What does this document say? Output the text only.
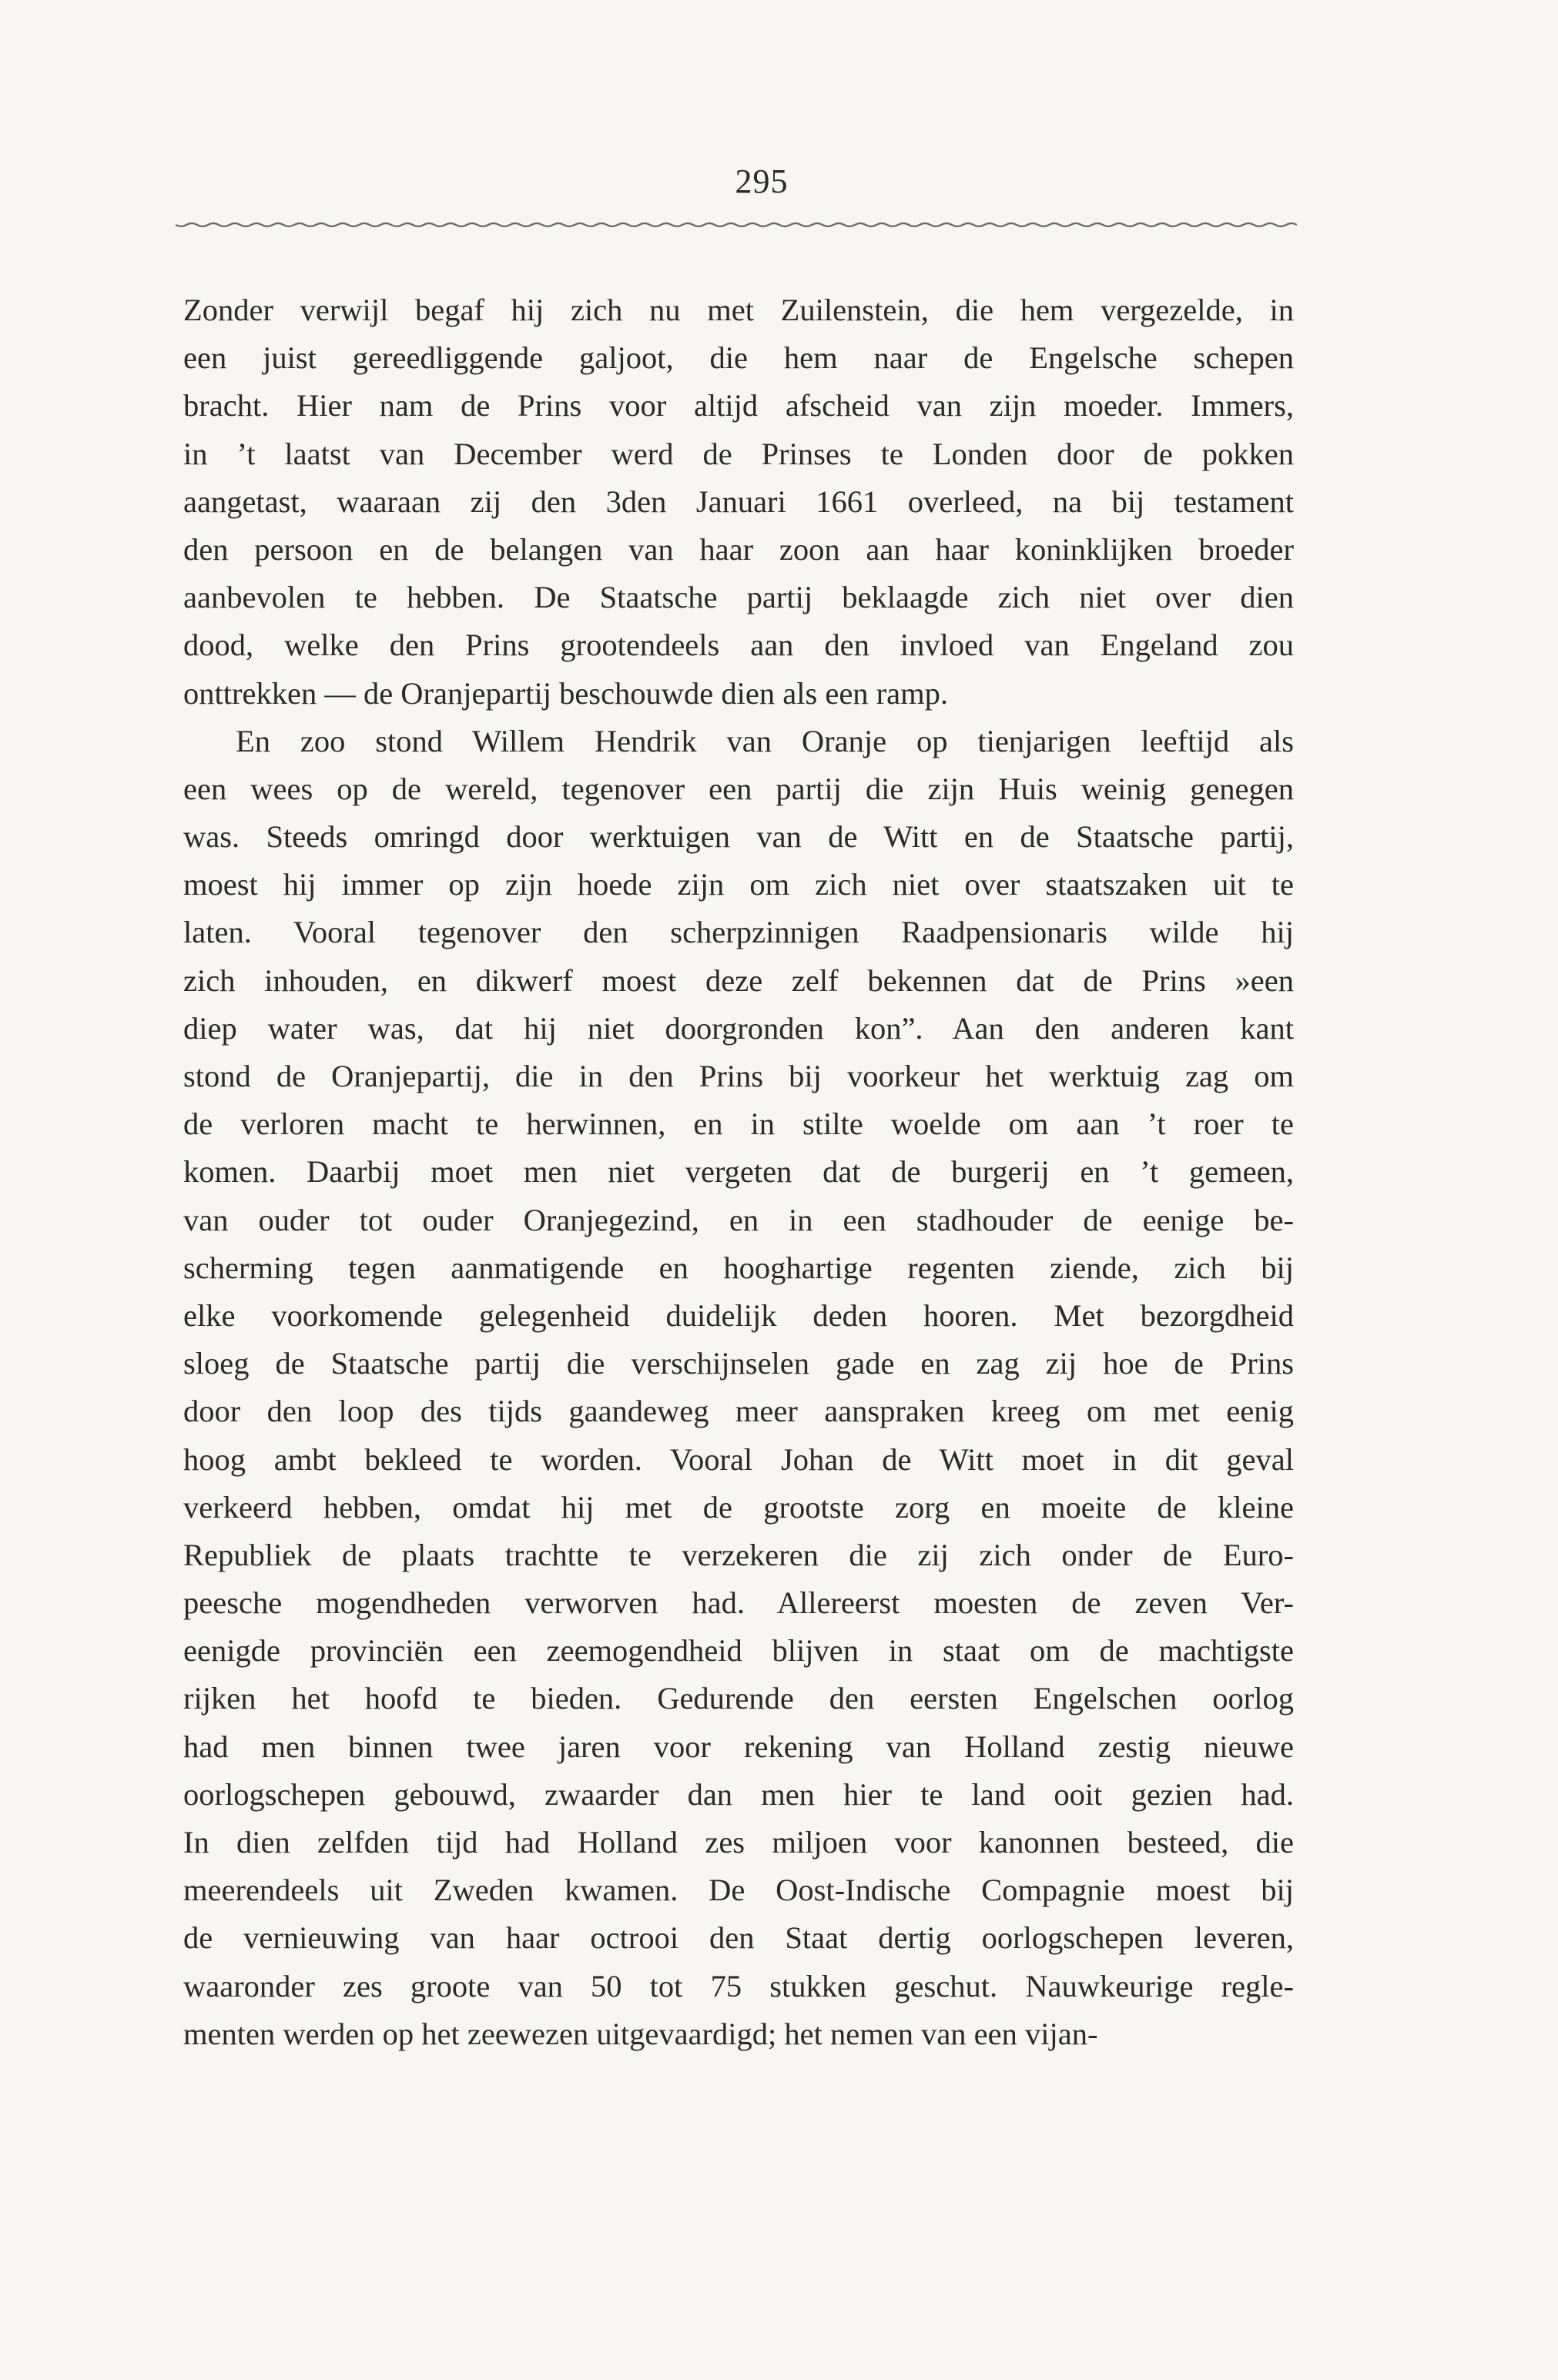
295
Zonder verwijl begaf hij zich nu met Zuilenstein, die hem vergezelde, in
een juist gereedliggende galjoot, die hem naar de Engelsche schepen
bracht. Hier nam de Prins voor altijd afscheid van zijn moeder. Immers,
in ’t laatst van December werd de Prinses te Londen door de pokken
aangetast, waaraan zij den 3den Januari 1661 overleed, na bij testament
den persoon en de belangen van haar zoon aan haar koninklijken broeder
aanbevolen te hebben. De Staatsche partij beklaagde zich niet over dien
dood, welke den Prins grootendeels aan den invloed van Engeland zou
onttrekken — de Oranjepartij beschouwde dien als een ramp.
En zoo stond Willem Hendrik van Oranje op tienjarigen leeftijd als
een wees op de wereld, tegenover een partij die zijn Huis weinig genegen
was. Steeds omringd door werktuigen van de Witt en de Staatsche partij,
moest hij immer op zijn hoede zijn om zich niet over staatszaken uit te
laten. Vooral tegenover den scherpzinnigen Raadpensionaris wilde hij
zich inhouden, en dikwerf moest deze zelf bekennen dat de Prins »een
diep water was, dat hij niet doorgronden kon”. Aan den anderen kant
stond de Oranjepartij, die in den Prins bij voorkeur het werktuig zag om
de verloren macht te herwinnen, en in stilte woelde om aan ’t roer te
komen. Daarbij moet men niet vergeten dat de burgerij en ’t gemeen,
van ouder tot ouder Oranjegezind, en in een stadhouder de eenige be-
scherming tegen aanmatigende en hooghartige regenten ziende, zich bij
elke voorkomende gelegenheid duidelijk deden hooren. Met bezorgdheid
sloeg de Staatsche partij die verschijnselen gade en zag zij hoe de Prins
door den loop des tijds gaandeweg meer aanspraken kreeg om met eenig
hoog ambt bekleed te worden. Vooral Johan de Witt moet in dit geval
verkeerd hebben, omdat hij met de grootste zorg en moeite de kleine
Republiek de plaats trachtte te verzekeren die zij zich onder de Euro-
peesche mogendheden verworven had. Allereerst moesten de zeven Ver-
eenigde provinciën een zeemogendheid blijven in staat om de machtigste
rijken het hoofd te bieden. Gedurende den eersten Engelschen oorlog
had men binnen twee jaren voor rekening van Holland zestig nieuwe
oorlogschepen gebouwd, zwaarder dan men hier te land ooit gezien had.
In dien zelfden tijd had Holland zes miljoen voor kanonnen besteed, die
meerendeels uit Zweden kwamen. De Oost-Indische Compagnie moest bij
de vernieuwing van haar octrooi den Staat dertig oorlogschepen leveren,
waaronder zes groote van 50 tot 75 stukken geschut. Nauwkeurige regle-
menten werden op het zeewezen uitgevaardigd; het nemen van een vijan-
